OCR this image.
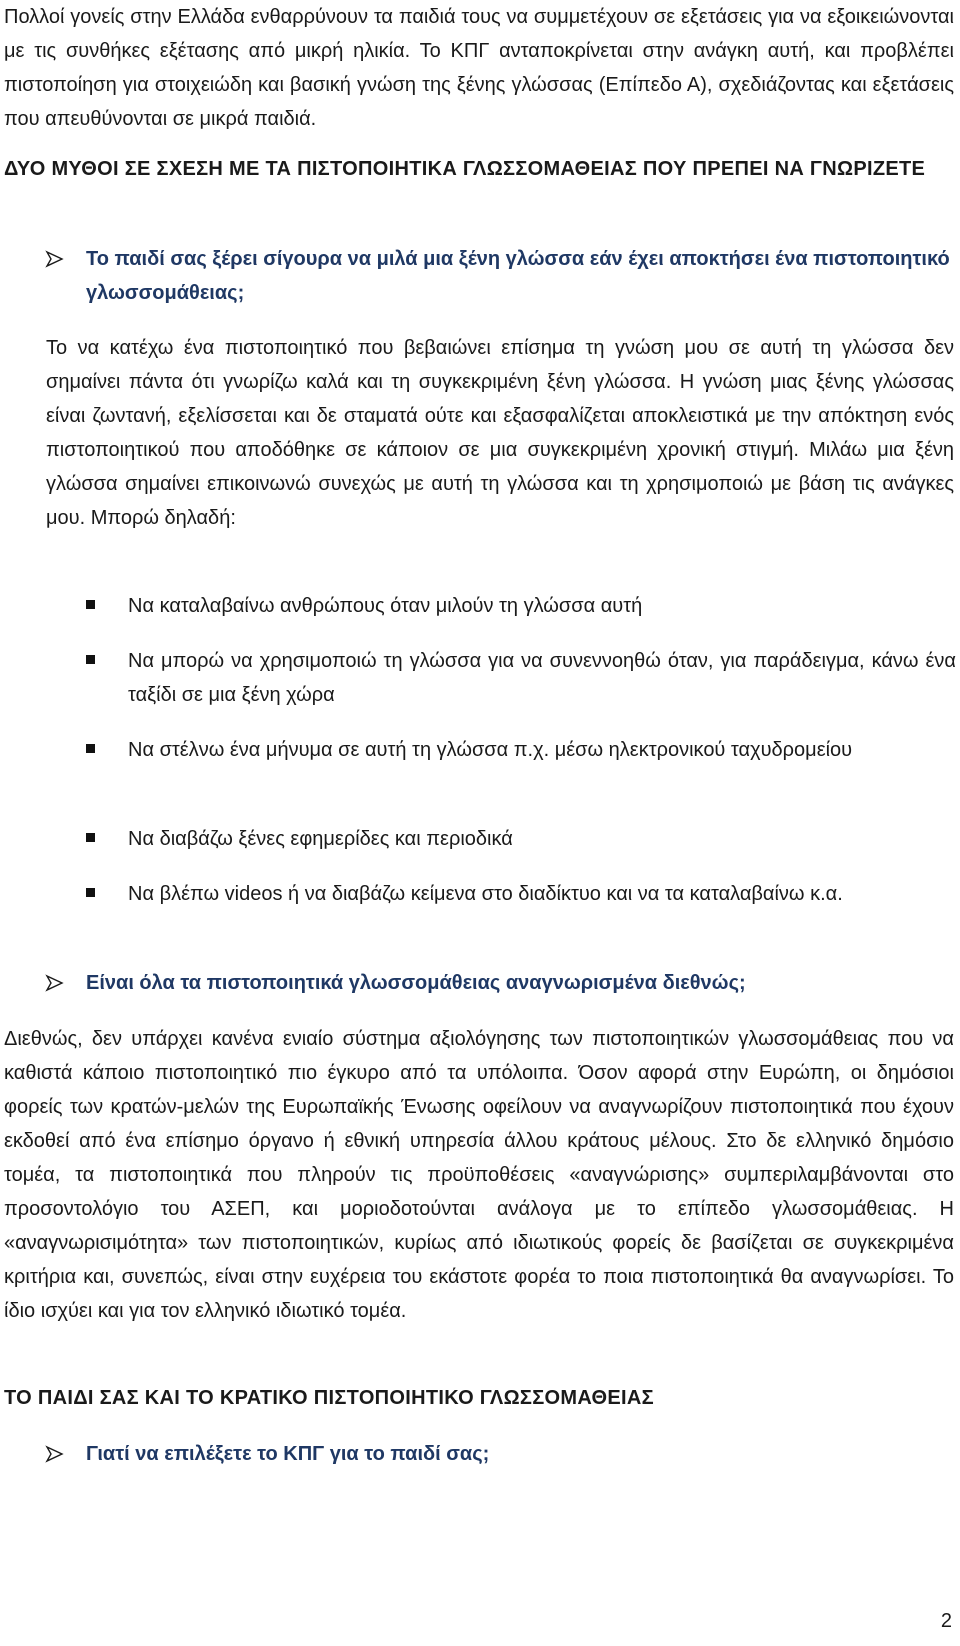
Πολλοί γονείς στην Ελλάδα ενθαρρύνουν τα παιδιά τους να συμμετέχουν σε εξετάσεις για να εξοικειώνονται με τις συνθήκες εξέτασης από μικρή ηλικία. Το ΚΠΓ ανταποκρίνεται στην ανάγκη αυτή, και προβλέπει πιστοποίηση για στοιχειώδη και βασική γνώση της ξένης γλώσσας (Επίπεδο Α), σχεδιάζοντας και εξετάσεις που απευθύνονται σε μικρά παιδιά.
ΔΥΟ ΜΥΘΟΙ ΣΕ ΣΧΕΣΗ ΜΕ ΤΑ ΠΙΣΤΟΠΟΙΗΤΙΚΑ ΓΛΩΣΣΟΜΑΘΕΙΑΣ ΠΟΥ ΠΡΕΠΕΙ ΝΑ ΓΝΩΡΙΖΕΤΕ
Το παιδί σας ξέρει σίγουρα να μιλά μια ξένη γλώσσα εάν έχει αποκτήσει ένα πιστοποιητικό γλωσσομάθειας;
Το να κατέχω ένα πιστοποιητικό που βεβαιώνει επίσημα τη γνώση μου σε αυτή τη γλώσσα δεν σημαίνει πάντα ότι γνωρίζω καλά και τη συγκεκριμένη ξένη γλώσσα. Η γνώση μιας ξένης γλώσσας είναι ζωντανή, εξελίσσεται και δε σταματά ούτε και εξασφαλίζεται αποκλειστικά με την απόκτηση ενός πιστοποιητικού που αποδόθηκε σε κάποιον σε μια συγκεκριμένη χρονική στιγμή. Μιλάω μια ξένη γλώσσα σημαίνει επικοινωνώ συνεχώς με αυτή τη γλώσσα και τη χρησιμοποιώ με βάση τις ανάγκες μου. Μπορώ δηλαδή:
Να καταλαβαίνω ανθρώπους όταν μιλούν τη γλώσσα αυτή
Να μπορώ να χρησιμοποιώ τη γλώσσα για να συνεννοηθώ όταν, για παράδειγμα, κάνω ένα ταξίδι σε μια ξένη χώρα
Να στέλνω ένα μήνυμα σε αυτή τη γλώσσα π.χ. μέσω ηλεκτρονικού ταχυδρομείου
Να διαβάζω ξένες εφημερίδες και περιοδικά
Να βλέπω videos ή να διαβάζω κείμενα στο διαδίκτυο και να τα καταλαβαίνω κ.α.
Είναι όλα τα πιστοποιητικά γλωσσομάθειας αναγνωρισμένα διεθνώς;
Διεθνώς, δεν υπάρχει κανένα ενιαίο σύστημα αξιολόγησης των πιστοποιητικών γλωσσομάθειας που να καθιστά κάποιο πιστοποιητικό πιο έγκυρο από τα υπόλοιπα. Όσον αφορά στην Ευρώπη, οι δημόσιοι φορείς των κρατών-μελών της Ευρωπαϊκής Ένωσης οφείλουν να αναγνωρίζουν πιστοποιητικά που έχουν εκδοθεί από ένα επίσημο όργανο ή εθνική υπηρεσία άλλου κράτους μέλους. Στο δε ελληνικό δημόσιο τομέα, τα πιστοποιητικά που πληρούν τις προϋποθέσεις «αναγνώρισης» συμπεριλαμβάνονται στο προσοντολόγιο του ΑΣΕΠ, και μοριοδοτούνται ανάλογα με το επίπεδο γλωσσομάθειας. Η «αναγνωρισιμότητα» των πιστοποιητικών, κυρίως από ιδιωτικούς φορείς δε βασίζεται σε συγκεκριμένα κριτήρια και, συνεπώς, είναι στην ευχέρεια του εκάστοτε φορέα το ποια πιστοποιητικά θα αναγνωρίσει. Το ίδιο ισχύει και για τον ελληνικό ιδιωτικό τομέα.
ΤΟ ΠΑΙΔΙ ΣΑΣ ΚΑΙ ΤΟ ΚΡΑΤΙΚΟ ΠΙΣΤΟΠΟΙΗΤΙΚΟ ΓΛΩΣΣΟΜΑΘΕΙΑΣ
Γιατί να επιλέξετε το ΚΠΓ για το παιδί σας;
2
